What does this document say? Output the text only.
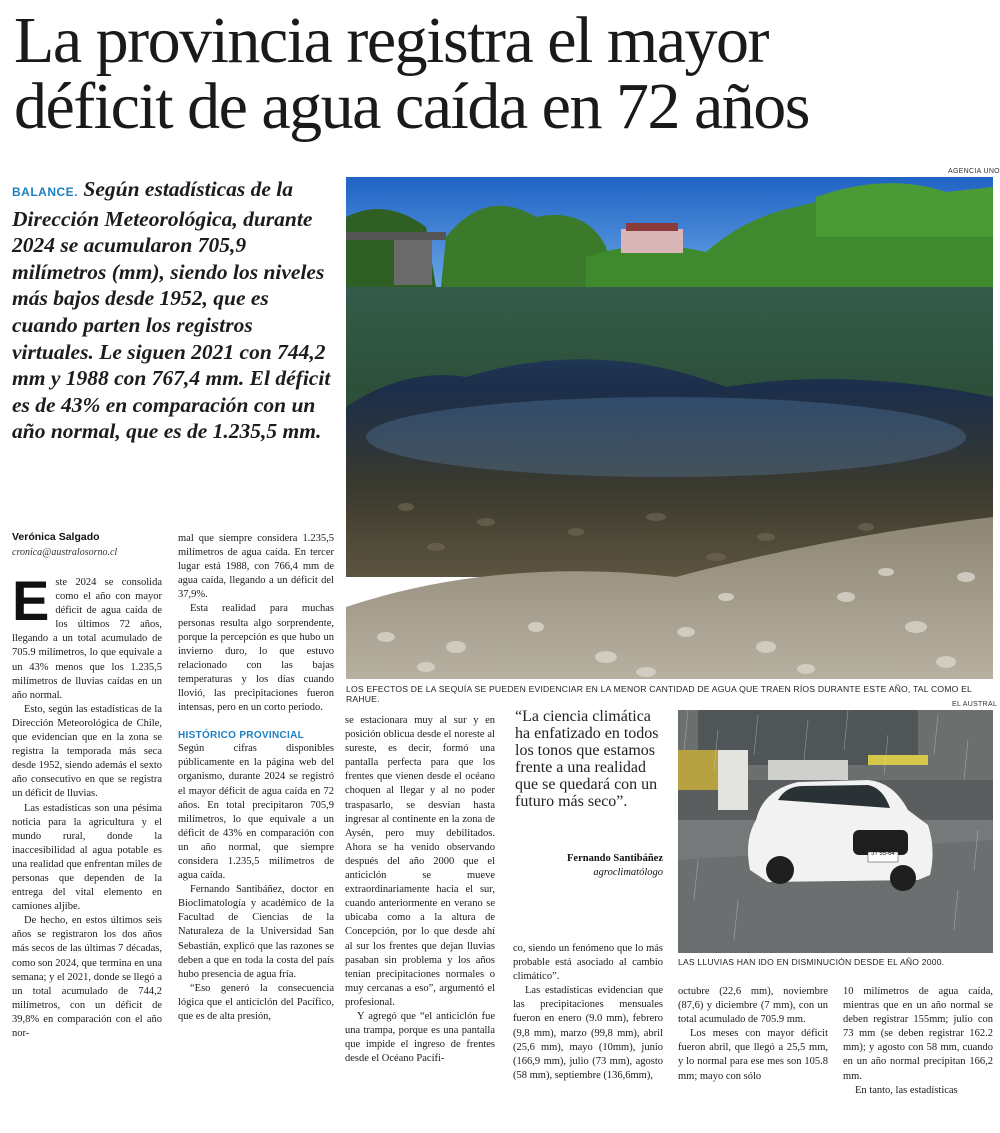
La provincia registra el mayor
déficit de agua caída en 72 años
BALANCE. Según estadísticas de la Dirección Meteorológica, durante 2024 se acumularon 705,9 milímetros (mm), siendo los niveles más bajos desde 1952, que es cuando parten los registros virtuales. Le siguen 2021 con 744,2 mm y 1988 con 767,4 mm. El déficit es de 43% en comparación con un año normal, que es de 1.235,5 mm.
Verónica Salgado
cronica@australosorno.cl

E ste 2024 se consolida como el año con mayor déficit de agua caída de los últimos 72 años, llegando a un total acumulado de 705.9 milímetros, lo que equivale a un 43% menos que los 1.235,5 milímetros de lluvias caídas en un año normal.

Esto, según las estadísticas de la Dirección Meteorológica de Chile, que evidencian que en la zona se registra la temporada más seca desde 1952, siendo además el sexto año consecutivo en que se registra un déficit de lluvias.

Las estadísticas son una pésima noticia para la agricultura y el mundo rural, donde la inaccesibilidad al agua potable es una realidad que enfrentan miles de personas que dependen de la entrega del vital elemento en camiones aljibe.

De hecho, en estos últimos seis años se registraron los dos años más secos de las últimas 7 décadas, como son 2024, que termina en una semana; y el 2021, donde se llegó a un total acumulado de 744,2 milímetros, con un déficit de 39,8% en comparación con el año nor-

mal que siempre considera 1.235,5 milímetros de agua caída. En tercer lugar está 1988, con 766,4 mm de agua caída, llegando a un déficit del 37,9%.

Esta realidad para muchas personas resulta algo sorprendente, porque la percepción es que hubo un invierno duro, lo que estuvo relacionado con las bajas temperaturas y los días cuando llovió, las precipitaciones fueron intensas, pero en un corto periodo.

HISTÓRICO PROVINCIAL

Según cifras disponibles públicamente en la página web del organismo, durante 2024 se registró el mayor déficit de agua caída en 72 años. En total precipitaron 705,9 milímetros, lo que equivale a un déficit de 43% en comparación con un año normal, que siempre considera 1.235,5 milímetros de agua caída.

Fernando Santibáñez, doctor en Bioclimatología y académico de la Facultad de Ciencias de la Naturaleza de la Universidad San Sebastián, explicó que las razones se deben a que en toda la costa del país hubo presencia de agua fría.

“Eso generó la consecuencia lógica que el anticiclón del Pacífico, que es de alta presión,

AGENCIA UNO
LOS EFECTOS DE LA SEQUÍA SE PUEDEN EVIDENCIAR EN LA MENOR CANTIDAD DE AGUA QUE TRAEN RÍOS DURANTE ESTE AÑO, TAL COMO EL RAHUE.

se estacionara muy al sur y en posición oblicua desde el noreste al sureste, es decir, formó una pantalla perfecta para que los frentes que vienen desde el océano choquen al llegar y al no poder traspasarlo, se desvían hasta ingresar al continente en la zona de Aysén, pero muy debilitados. Ahora se ha venido observando después del año 2000 que el anticiclón se mueve extraordinariamente hacia el sur, cuando anteriormente en verano se ubicaba como a la altura de Concepción, por lo que desde ahí al sur los frentes que dejan lluvias pasaban sin problema y los años tenían precipitaciones normales o muy cercanas a eso”, argumentó el profesional.

Y agregó que “el anticiclón fue una trampa, porque es una pantalla que impide el ingreso de frentes desde el Océano Pacífi-

“La ciencia climática ha enfatizado en todos los tonos que estamos frente a una realidad que se quedará con un futuro más seco”.
Fernando Santibáñez
agroclimatólogo
EL AUSTRAL
JT 55-64
LAS LLUVIAS HAN IDO EN DISMINUCIÓN DESDE EL AÑO 2000.

co, siendo un fenómeno que lo más probable está asociado al cambio climático”.

Las estadísticas evidencian que las precipitaciones mensuales fueron en enero (9.0 mm), febrero (9,8 mm), marzo (99,8 mm), abril (25,6 mm), mayo (10mm), junio (166,9 mm), julio (73 mm), agosto (58 mm), septiembre (136,6mm),

octubre (22,6 mm), noviembre (87,6) y diciembre (7 mm), con un total acumulado de 705.9 mm.

Los meses con mayor déficit fueron abril, que llegó a 25,5 mm, y lo normal para ese mes son 105.8 mm; mayo con sólo

10 milímetros de agua caída, mientras que en un año normal se deben registrar 155mm; julio con 73 mm (se deben registrar 162.2 mm); y agosto con 58 mm, cuando en un año normal precipitan 166,2 mm.

En tanto, las estadísticas
